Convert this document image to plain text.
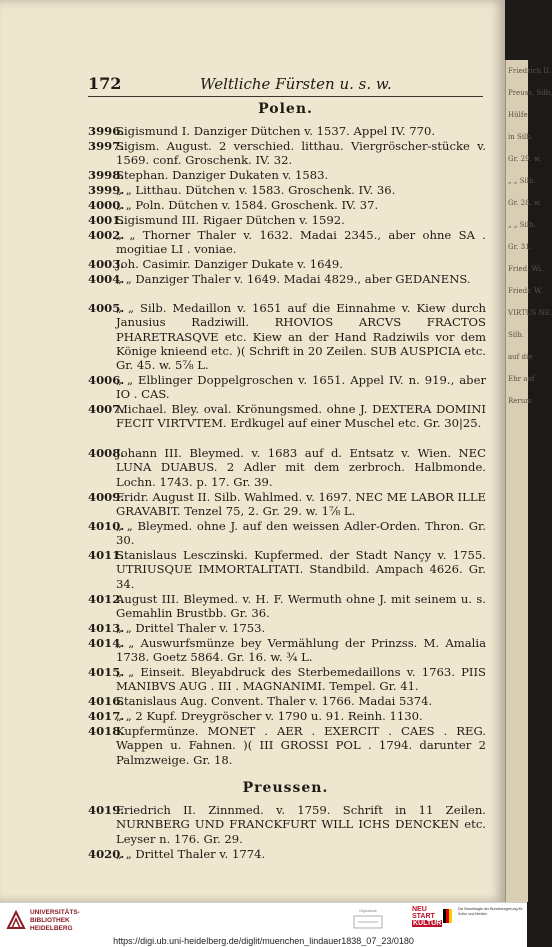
172	Weltliche Fürsten u. s. w.
Polen.
3996.
Sigismund I. Danziger Dütchen v. 1537. Appel IV. 770.
3997.
Sigism. August. 2 verschied. litthau. Viergröscher-stücke v. 1569. conf. Groschenk. IV. 32.
3998.
Stephan. Danziger Dukaten v. 1583.
3999.
„ „ Litthau. Dütchen v. 1583. Groschenk. IV. 36.
4000.
„ „ Poln. Dütchen v. 1584. Groschenk. IV. 37.
4001.
Sigismund III. Rigaer Dütchen v. 1592.
4002.
„ „ Thorner Thaler v. 1632. Madai 2345., aber ohne SA . mogitiae LI . voniae.
4003.
Joh. Casimir. Danziger Dukate v. 1649.
4004.
„ „ Danziger Thaler v. 1649. Madai 4829., aber GEDANENS.
4005.
„ „ Silb. Medaillon v. 1651 auf die Einnahme v. Kiew durch Janusius Radziwill. RHOVIOS ARCVS FRACTOS PHARETRASQVE etc. Kiew an der Hand Radziwils vor dem Könige knieend etc. )( Schrift in 20 Zeilen. SUB AUSPICIA etc. Gr. 45. w. 5⅞ L.
4006.
„ „ Elblinger Doppelgroschen v. 1651. Appel IV. n. 919., aber IO . CAS.
4007.
Michael. Bley. oval. Krönungsmed. ohne J. DEXTERA DOMINI FECIT VIRTVTEM. Erdkugel auf einer Muschel etc. Gr. 30|25.
4008.
Johann III. Bleymed. v. 1683 auf d. Entsatz v. Wien. NEC LUNA DUABUS. 2 Adler mit dem zerbroch. Halbmonde. Lochn. 1743. p. 17. Gr. 39.
4009.
Fridr. August II. Silb. Wahlmed. v. 1697. NEC ME LABOR ILLE GRAVABIT. Tenzel 75, 2. Gr. 29. w. 1⅞ L.
4010.
„ „ Bleymed. ohne J. auf den weissen Adler-Orden. Thron. Gr. 30.
4011.
Stanislaus Lesczinski. Kupfermed. der Stadt Nançy v. 1755. UTRIUSQUE IMMORTALITATI. Standbild. Ampach 4626. Gr. 34.
4012.
August III. Bleymed. v. H. F. Wermuth ohne J. mit seinem u. s. Gemahlin Brustbb. Gr. 36.
4013.
„ „ Drittel Thaler v. 1753.
4014.
„ „ Auswurfsmünze bey Vermählung der Prinzss. M. Amalia 1738. Goetz 5864. Gr. 16. w. ¾ L.
4015.
„ „ Einseit. Bleyabdruck des Sterbemedaillons v. 1763. PIIS MANIBVS AUG . III . MAGNANIMI. Tempel. Gr. 41.
4016.
Stanislaus Aug. Convent. Thaler v. 1766. Madai 5374.
4017.
„ „ 2 Kupf. Dreygröscher v. 1790 u. 91. Reinh. 1130.
4018.
Kupfermünze. MONET . AER . EXERCIT . CAES . REG. Wappen u. Fahnen. )( III GROSSI POL . 1794. darunter 2 Palmzweige. Gr. 18.
Preussen.
4019.
Friedrich II. Zinnmed. v. 1759. Schrift in 11 Zeilen. NURNBERG UND FRANCKFURT WILL ICHS DENCKEN etc. Leyser n. 176. Gr. 29.
4020.
„ „ Drittel Thaler v. 1774.
Friedrich II.
Preuss. Silb.
Hülfe
in Silb.
Gr. 29. w.
„ „ Silb.
Gr. 28. w.
„ „ Silb.
Gr. 31.
Fried. Wi.
Friedr. W.
VIRTUS NE.
Silb.
auf die
Ehr auf
Rerum
UNIVERSITÄTS-
BIBLIOTHEK
HEIDELBERG
Digitalisat	NEU
START
KULTUR
Die Beauftragte der Bundesregierung für Kultur und Medien
https://digi.ub.uni-heidelberg.de/diglit/muenchen_lindauer1838_07_23/0180
